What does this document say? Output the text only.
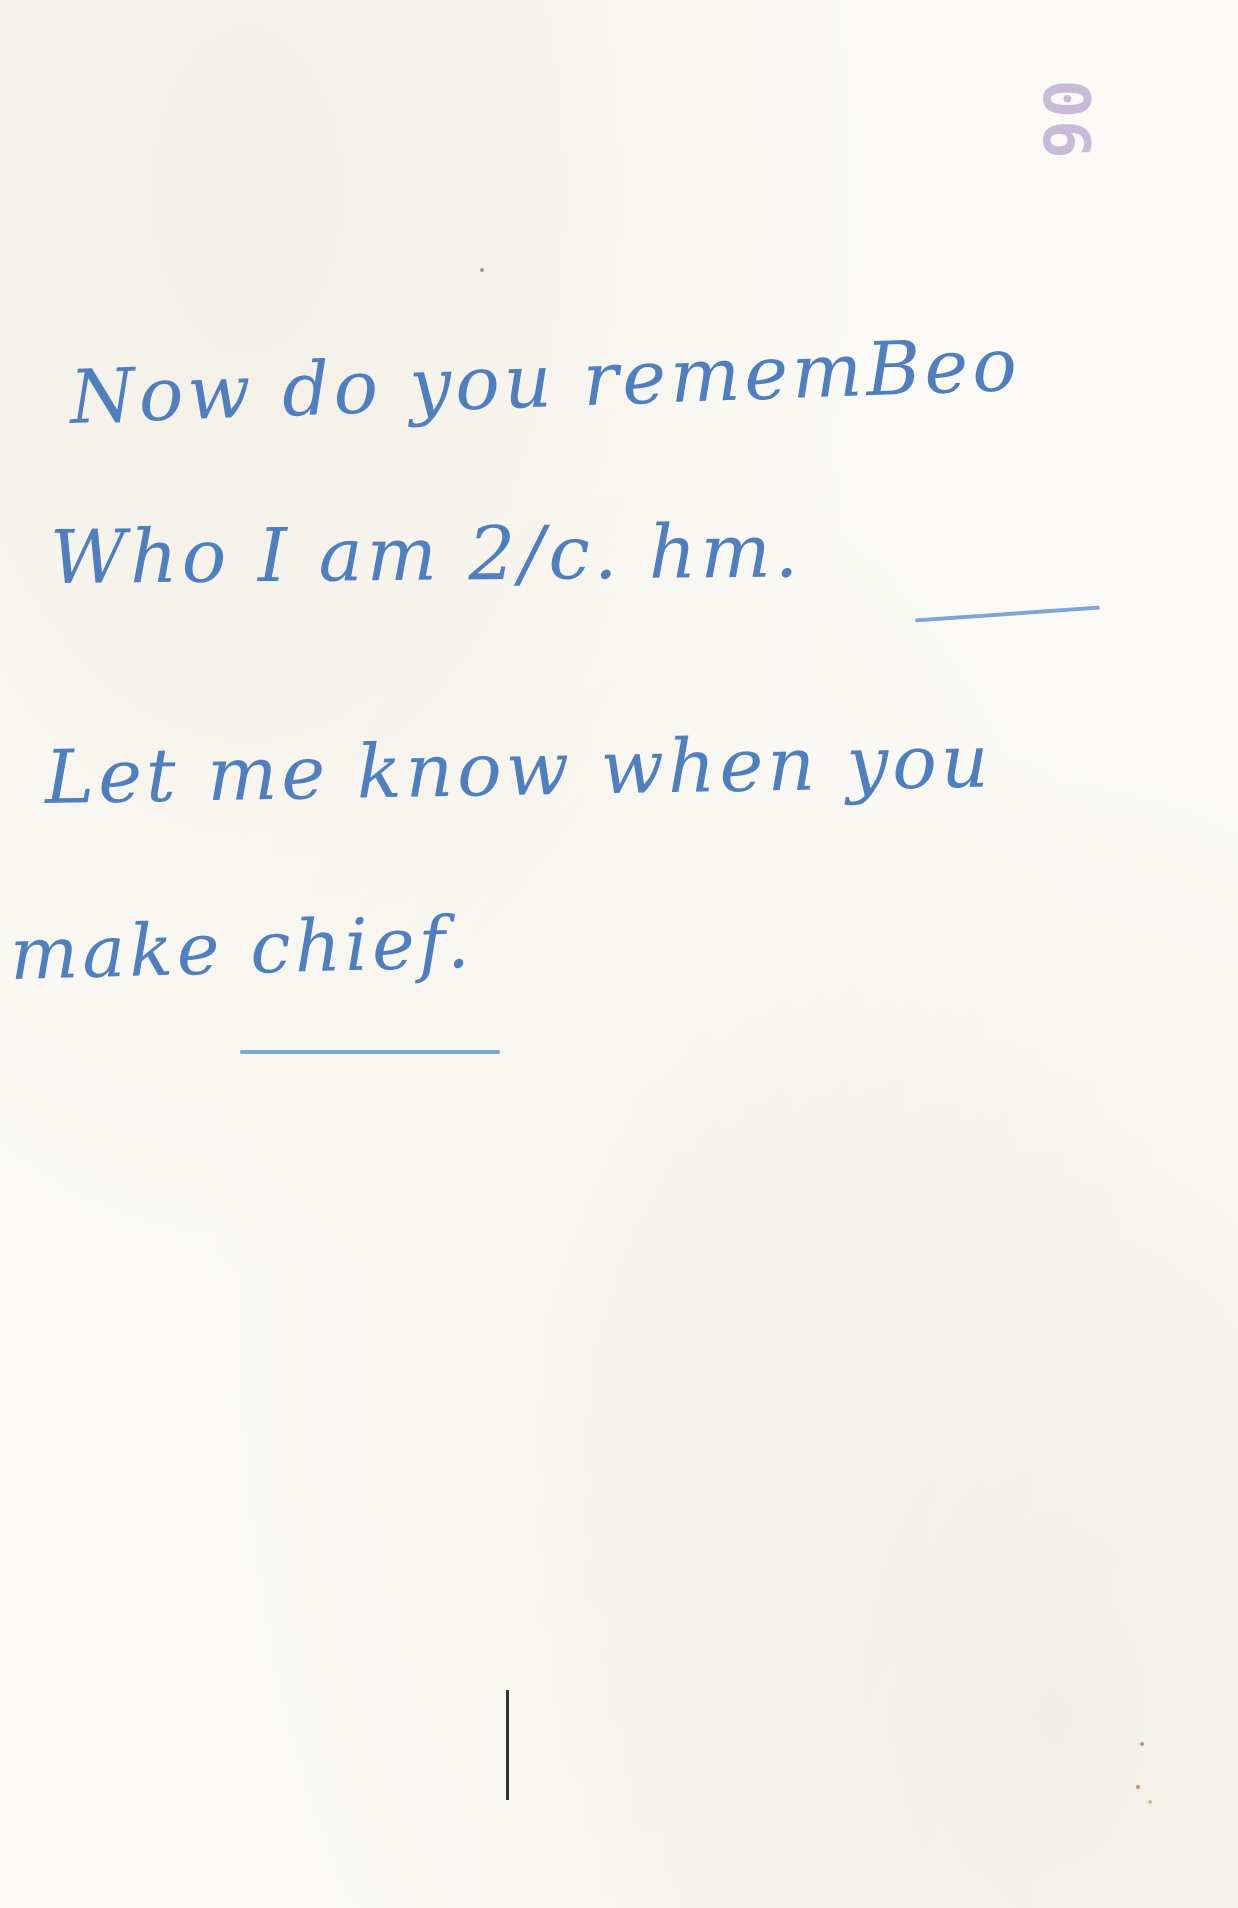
06
Now do you rememBeo
Who I am 2/c. hm.
Let me know when you
make chief.
